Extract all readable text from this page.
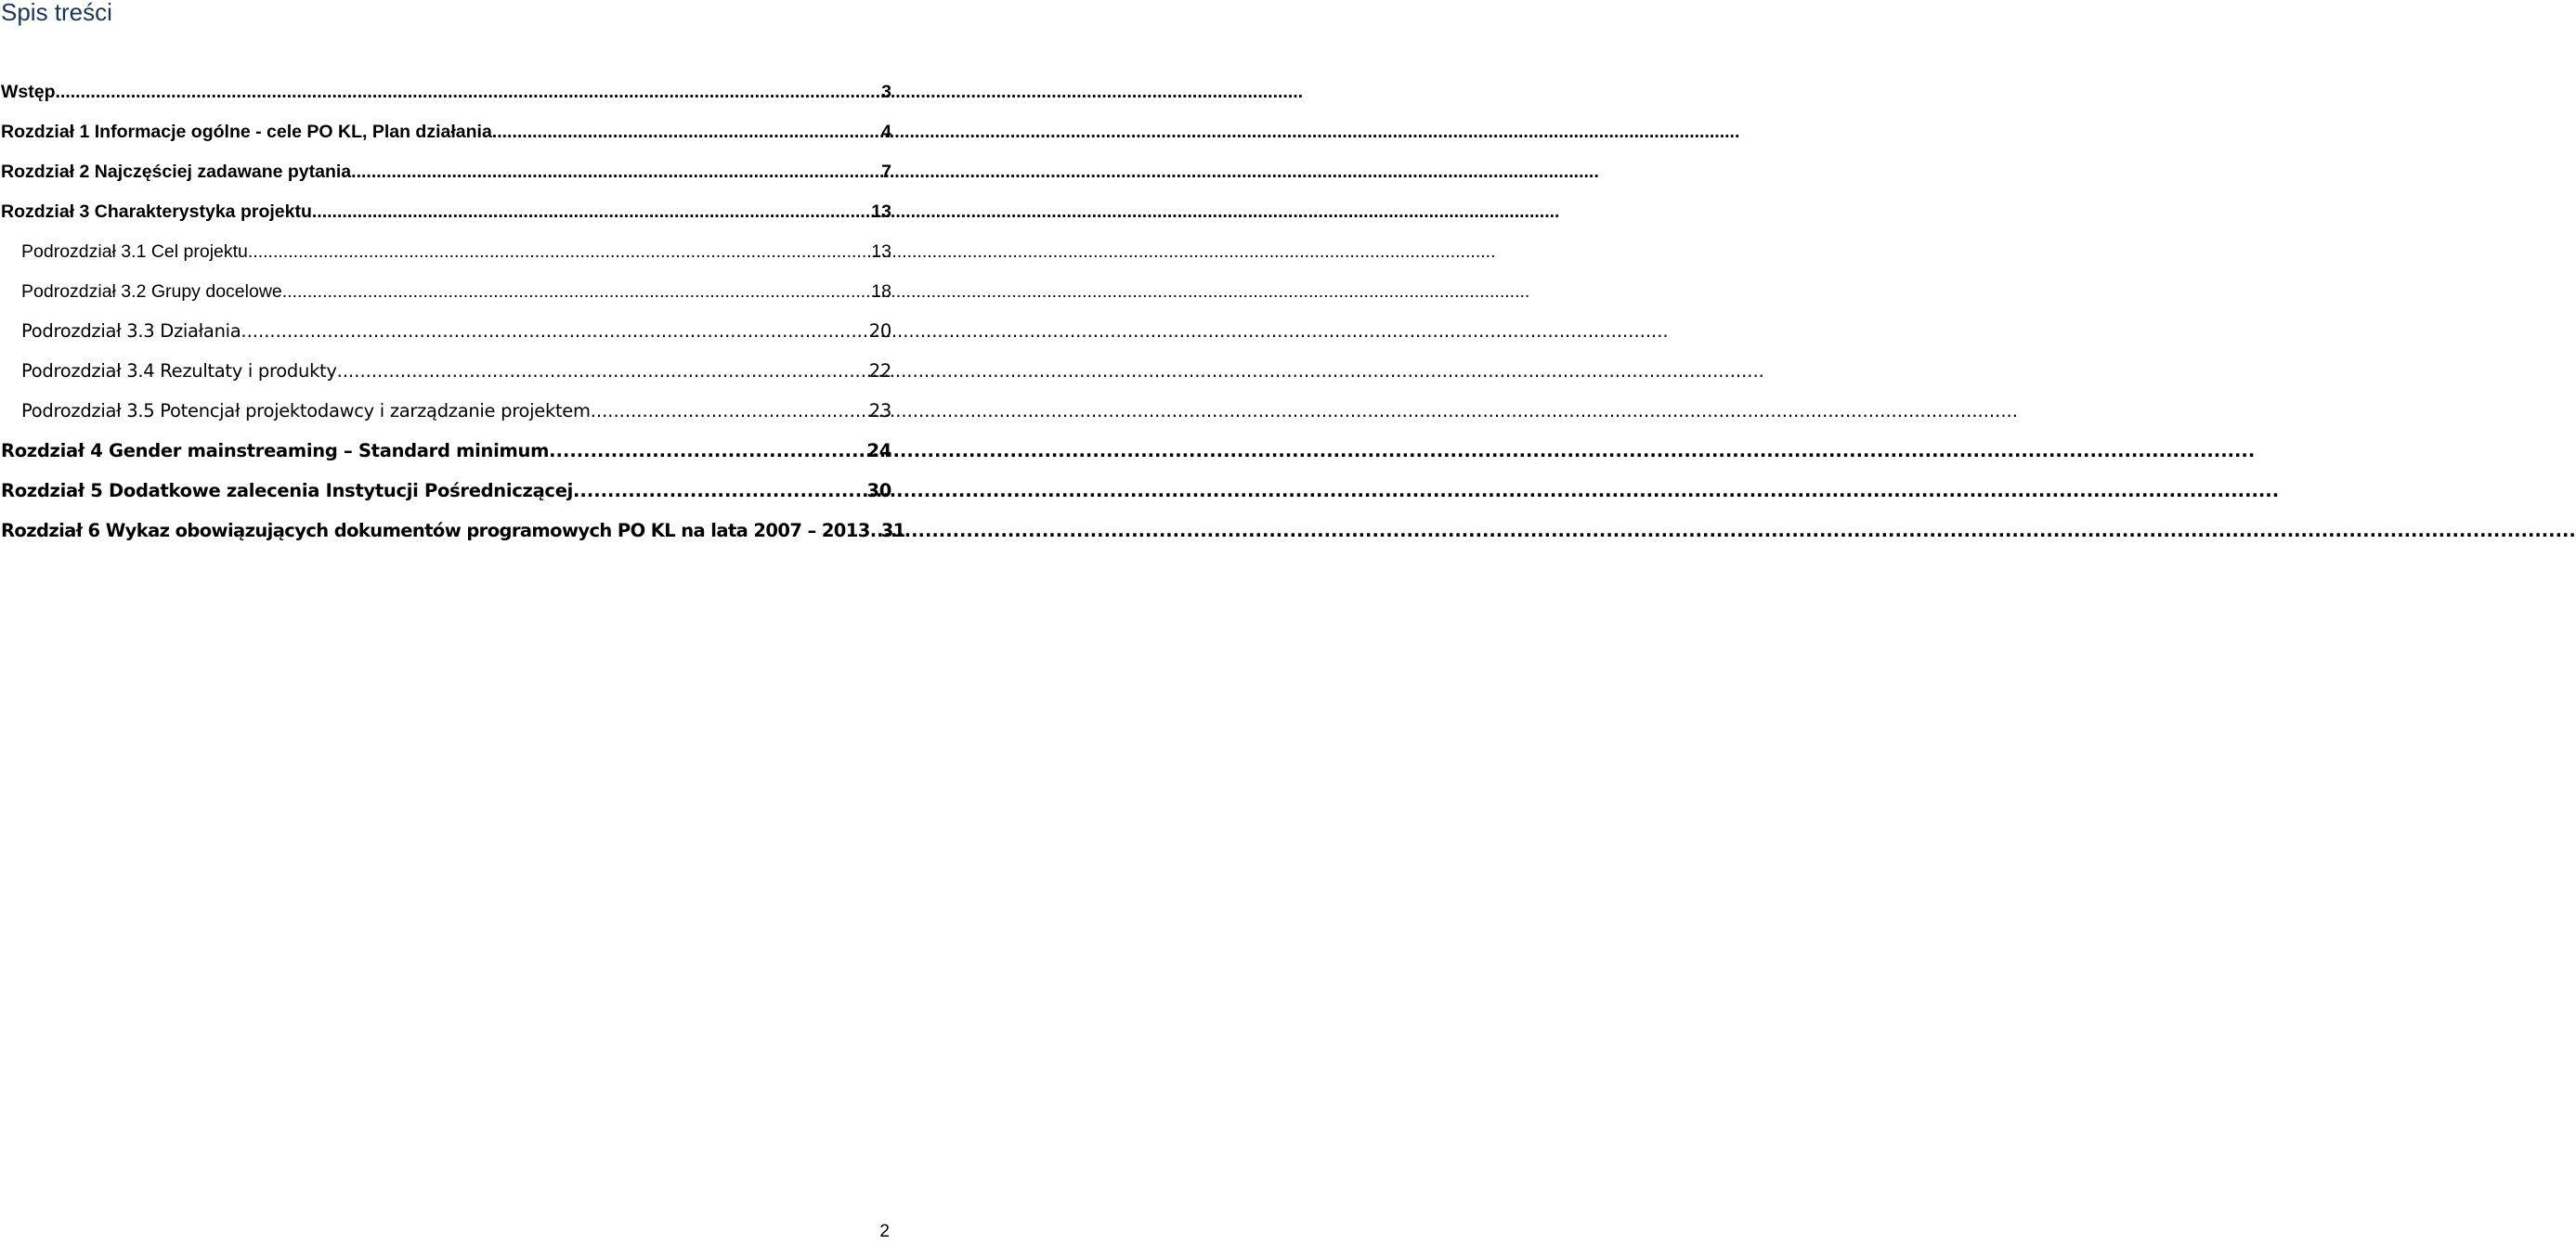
Spis treści
Wstęp .....	3
Rozdział 1 Informacje ogólne - cele PO KL, Plan działania .....	4
Rozdział 2 Najczęściej zadawane pytania .....	7
Rozdział 3 Charakterystyka projektu .....	13
Podrozdział 3.1 Cel projektu .....	13
Podrozdział 3.2 Grupy docelowe .....	18
Podrozdział 3.3 Działania .....	20
Podrozdział 3.4 Rezultaty i produkty .....	22
Podrozdział 3.5 Potencjał projektodawcy i zarządzanie projektem .....	23
Rozdział 4 Gender mainstreaming – Standard minimum .....	24
Rozdział 5 Dodatkowe zalecenia Instytucji Pośredniczącej .....	30
Rozdział 6 Wykaz obowiązujących dokumentów programowych PO KL na lata 2007 – 2013 ..... 31
2
